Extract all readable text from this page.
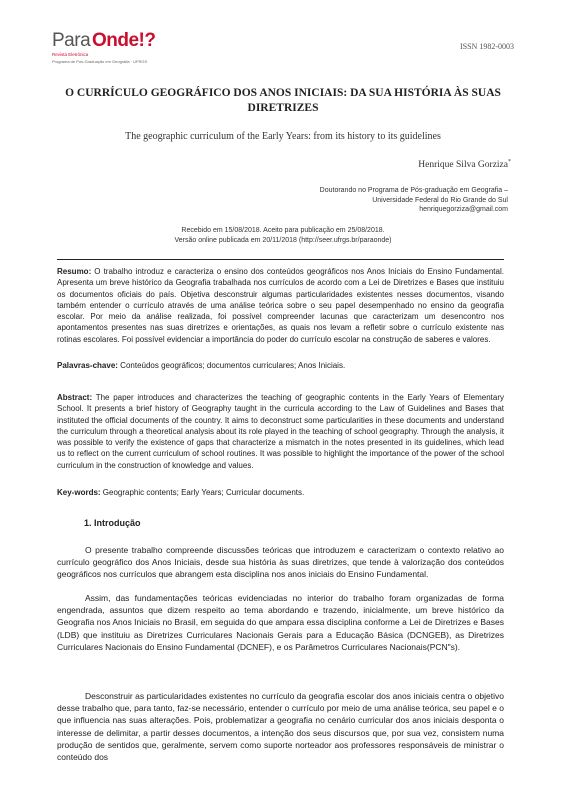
Para Onde!?
Revista Eletrônica
Programa de Pós-Graduação em Geografia · UFRGS
ISSN 1982-0003
O CURRÍCULO GEOGRÁFICO DOS ANOS INICIAIS: DA SUA HISTÓRIA ÀS SUAS DIRETRIZES
The geographic curriculum of the Early Years: from its history to its guidelines
Henrique Silva Gorziza*
Doutorando no Programa de Pós-graduação em Geografia –
Universidade Federal do Rio Grande do Sul
henriquegorziza@gmail.com
Recebido em 15/08/2018. Aceito para publicação em 25/08/2018.
Versão online publicada em 20/11/2018 (http://seer.ufrgs.br/paraonde)
Resumo: O trabalho introduz e caracteriza o ensino dos conteúdos geográficos nos Anos Iniciais do Ensino Fundamental. Apresenta um breve histórico da Geografia trabalhada nos currículos de acordo com a Lei de Diretrizes e Bases que instituiu os documentos oficiais do país. Objetiva desconstruir algumas particularidades existentes nesses documentos, visando também entender o currículo através de uma análise teórica sobre o seu papel desempenhado no ensino da geografia escolar. Por meio da análise realizada, foi possível compreender lacunas que caracterizam um desencontro nos apontamentos presentes nas suas diretrizes e orientações, as quais nos levam a refletir sobre o currículo existente nas rotinas escolares. Foi possível evidenciar a importância do poder do currículo escolar na construção de saberes e valores.
Palavras-chave: Conteúdos geográficos; documentos curriculares; Anos Iniciais.
Abstract: The paper introduces and characterizes the teaching of geographic contents in the Early Years of Elementary School. It presents a brief history of Geography taught in the curricula according to the Law of Guidelines and Bases that instituted the official documents of the country. It aims to deconstruct some particularities in these documents and understand the curriculum through a theoretical analysis about its role played in the teaching of school geography. Through the analysis, it was possible to verify the existence of gaps that characterize a mismatch in the notes presented in its guidelines, which lead us to reflect on the current curriculum of school routines. It was possible to highlight the importance of the power of the school curriculum in the construction of knowledge and values.
Key-words: Geographic contents; Early Years; Curricular documents.
1. Introdução
O presente trabalho compreende discussões teóricas que introduzem e caracterizam o contexto relativo ao currículo geográfico dos Anos Iniciais, desde sua história às suas diretrizes, que tende à valorização dos conteúdos geográficos nos currículos que abrangem esta disciplina nos anos iniciais do Ensino Fundamental.
Assim, das fundamentações teóricas evidenciadas no interior do trabalho foram organizadas de forma engendrada, assuntos que dizem respeito ao tema abordando e trazendo, inicialmente, um breve histórico da Geografia nos Anos Iniciais no Brasil, em seguida do que ampara essa disciplina conforme a Lei de Diretrizes e Bases (LDB) que instituiu as Diretrizes Curriculares Nacionais Gerais para a Educação Básica (DCNGEB), as Diretrizes Curriculares Nacionais do Ensino Fundamental (DCNEF), e os Parâmetros Curriculares Nacionais(PCN"s).
Desconstruir as particularidades existentes no currículo da geografia escolar dos anos iniciais centra o objetivo desse trabalho que, para tanto, faz-se necessário, entender o currículo por meio de uma análise teórica, seu papel e o que influencia nas suas alterações. Pois, problematizar a geografia no cenário curricular dos anos iniciais desponta o interesse de delimitar, a partir desses documentos, a intenção dos seus discursos que, por sua vez, consistem numa produção de sentidos que, geralmente, servem como suporte norteador aos professores responsáveis de ministrar o conteúdo dos
